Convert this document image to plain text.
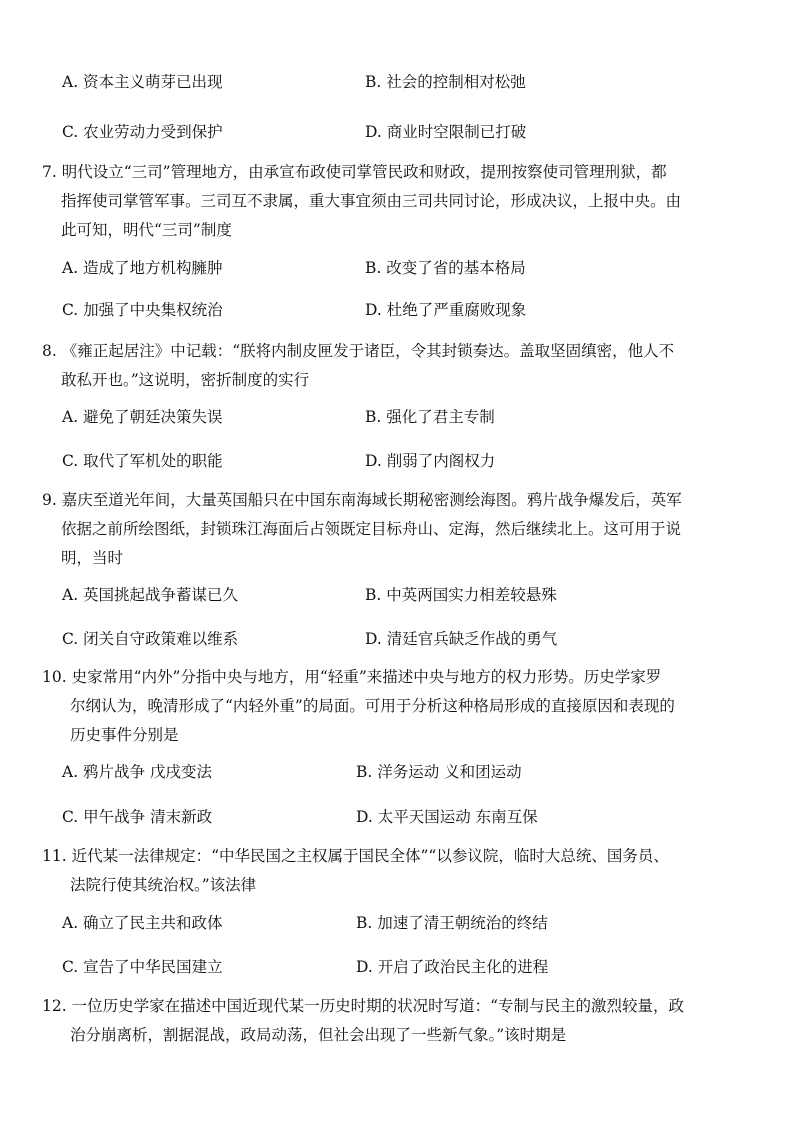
A. 资本主义萌芽已出现	B. 社会的控制相对松弛
C. 农业劳动力受到保护	D. 商业时空限制已打破
7. 明代设立“三司”管理地方，由承宣布政使司掌管民政和财政，提刑按察使司管理刑狱，都
指挥使司掌管军事。三司互不隶属，重大事宜须由三司共同讨论，形成决议，上报中央。由
此可知，明代“三司”制度
A. 造成了地方机构臃肿	B. 改变了省的基本格局
C. 加强了中央集权统治	D. 杜绝了严重腐败现象
8. 《雍正起居注》中记载：“朕将内制皮匣发于诸臣，令其封锁奏达。盖取坚固缜密，他人不
敢私开也。”这说明，密折制度的实行
A. 避免了朝廷决策失误	B. 强化了君主专制
C. 取代了军机处的职能	D. 削弱了内阁权力
9. 嘉庆至道光年间，大量英国船只在中国东南海域长期秘密测绘海图。鸦片战争爆发后，英军
依据之前所绘图纸，封锁珠江海面后占领既定目标舟山、定海，然后继续北上。这可用于说
明，当时
A. 英国挑起战争蓄谋已久	B. 中英两国实力相差较悬殊
C. 闭关自守政策难以维系	D. 清廷官兵缺乏作战的勇气
10. 史家常用“内外”分指中央与地方，用“轻重”来描述中央与地方的权力形势。历史学家罗
尔纲认为，晚清形成了“内轻外重”的局面。可用于分析这种格局形成的直接原因和表现的
历史事件分别是
A. 鸦片战争 戊戌变法	B. 洋务运动 义和团运动
C. 甲午战争 清末新政	D. 太平天国运动 东南互保
11. 近代某一法律规定：“中华民国之主权属于国民全体”“以参议院，临时大总统、国务员、
法院行使其统治权。”该法律
A. 确立了民主共和政体	B. 加速了清王朝统治的终结
C. 宣告了中华民国建立	D. 开启了政治民主化的进程
12. 一位历史学家在描述中国近现代某一历史时期的状况时写道：“专制与民主的激烈较量，政
治分崩离析，割据混战，政局动荡，但社会出现了一些新气象。”该时期是
